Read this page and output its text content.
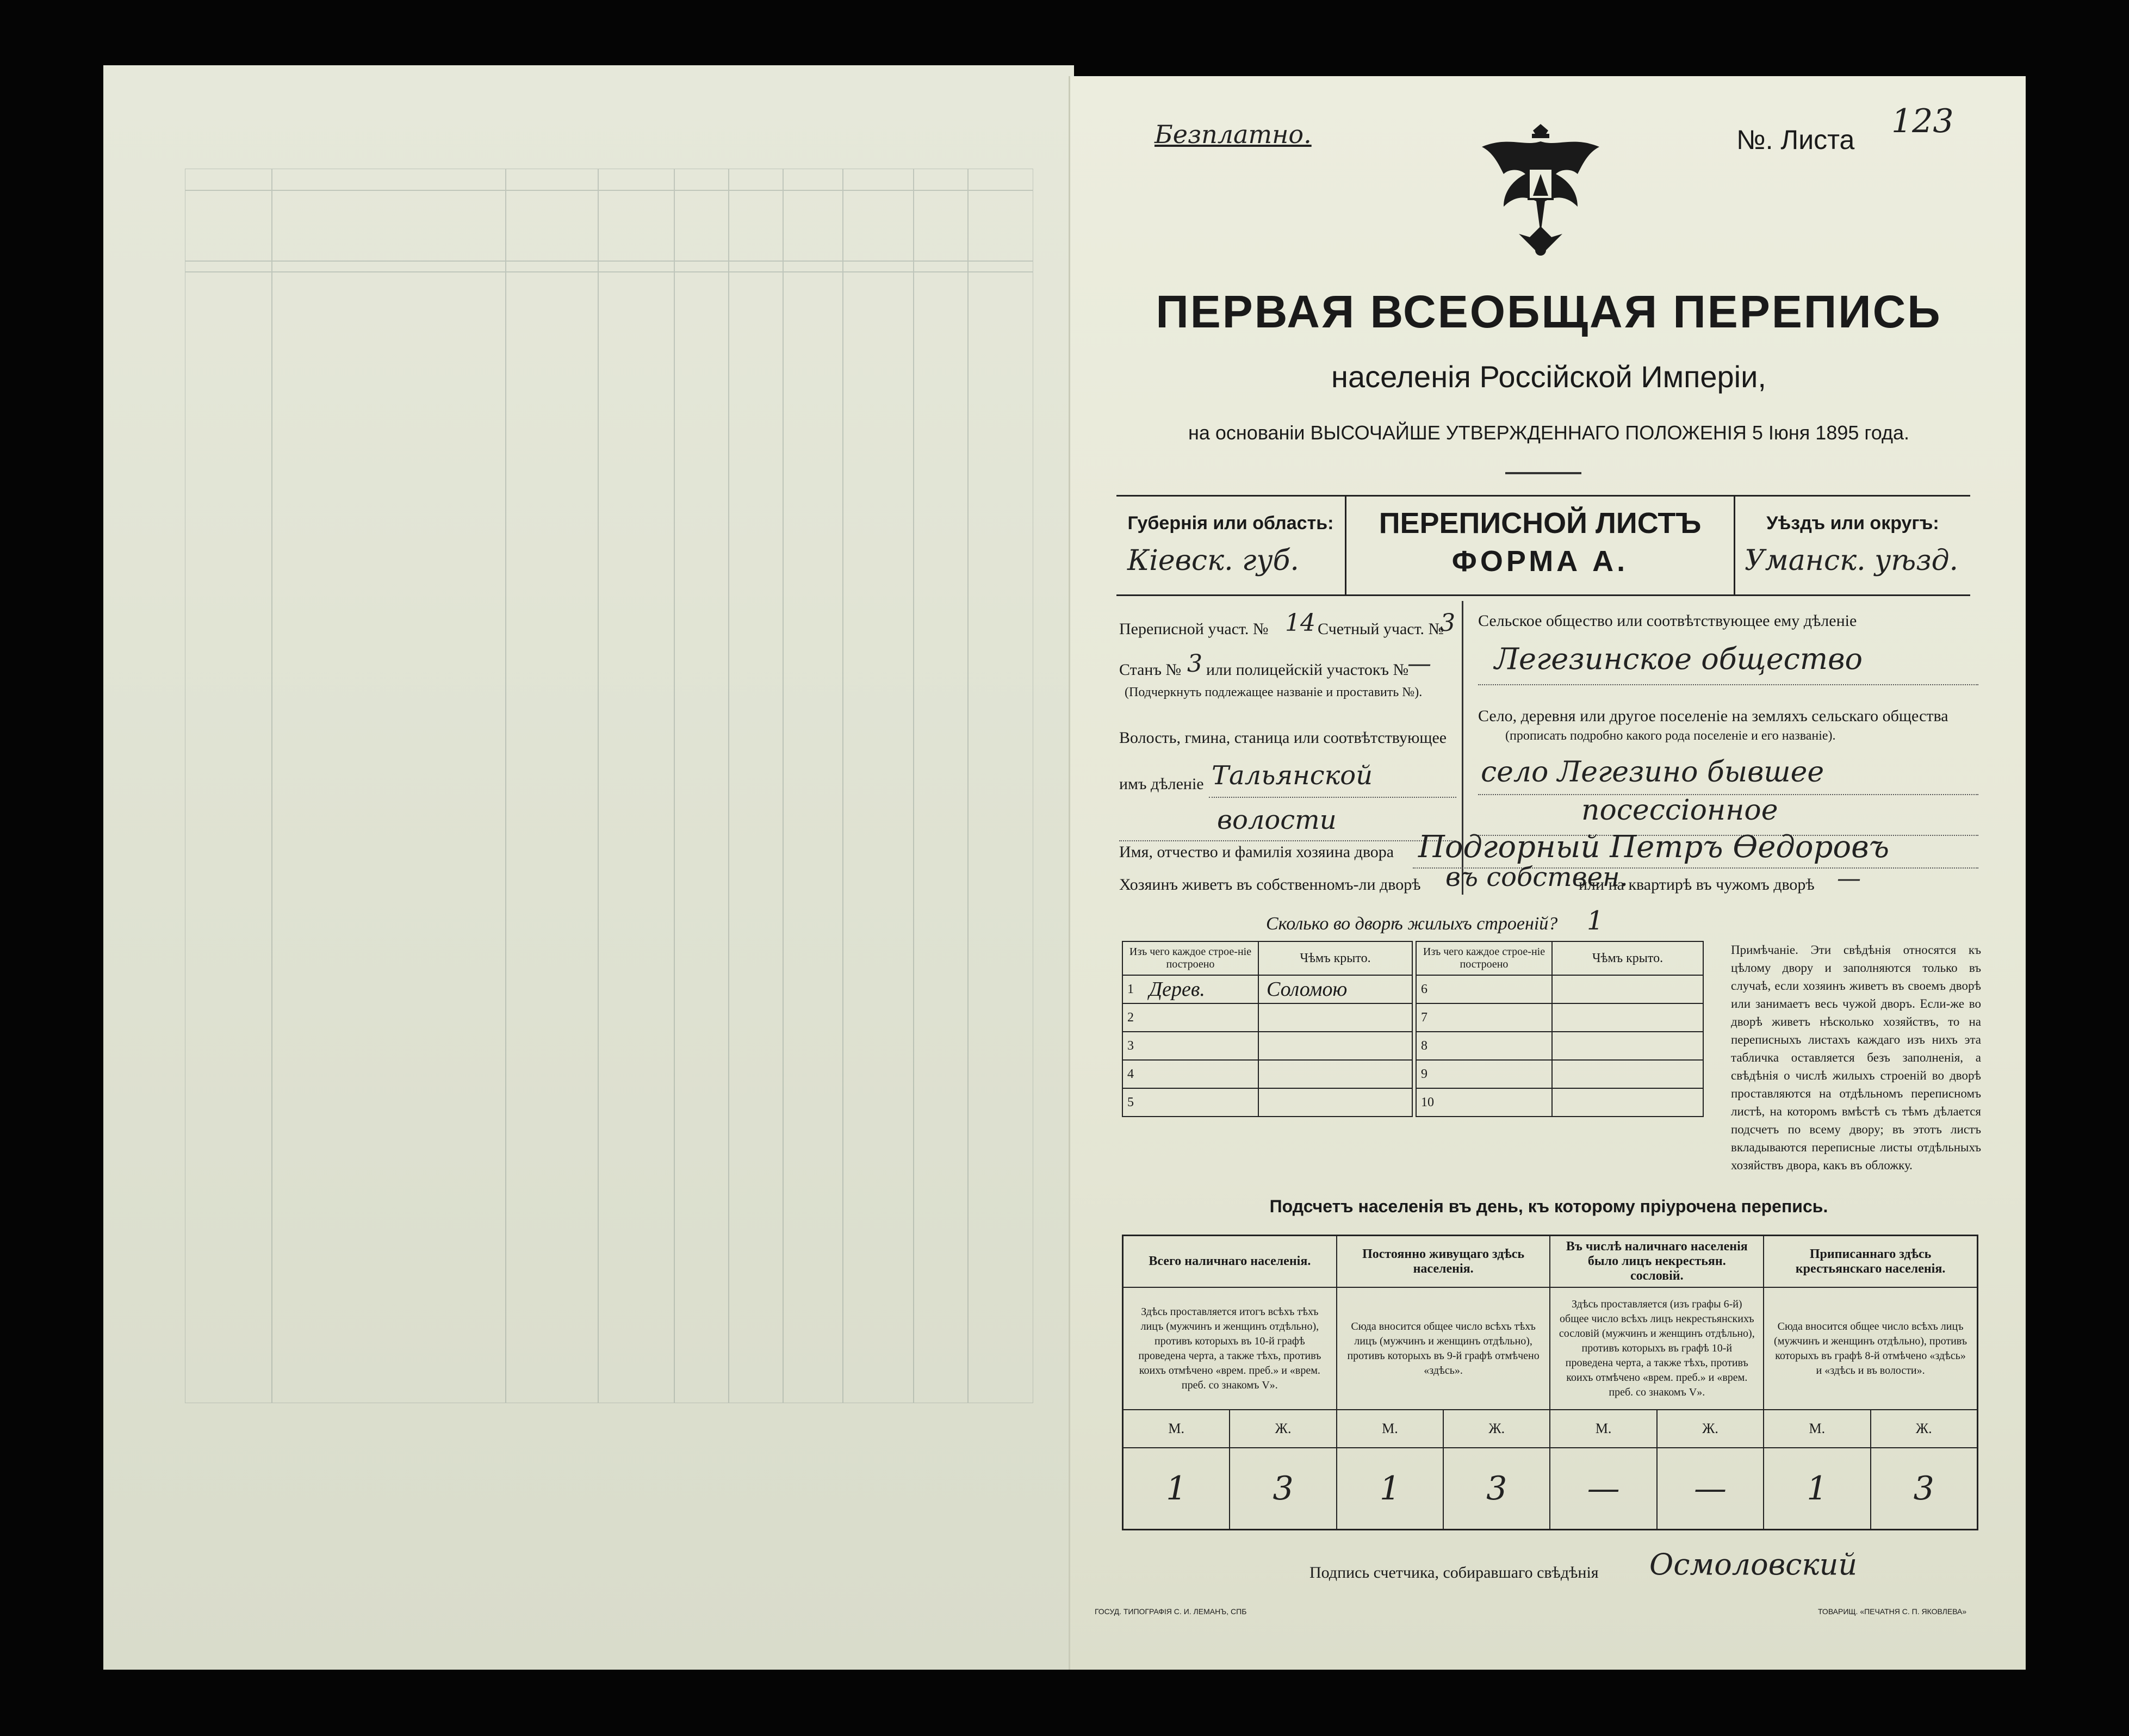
Безплатно.	№. Листа 123
ПЕРВАЯ ВСЕОБЩАЯ ПЕРЕПИСЬ
населенія Россійской Имперіи,
на основаніи ВЫСОЧАЙШЕ УТВЕРЖДЕННАГО ПОЛОЖЕНІЯ 5 Іюня 1895 года.
Губернія или область:
Кіевск. губ.
ПЕРЕПИСНОЙ ЛИСТЪ
ФОРМА А.
Уѣздъ или округъ:
Уманск. уѣзд.
Переписной участ. № 14 Счетный участ. №
3
Станъ № 3 или полицейскій участокъ №
—
(Подчеркнуть подлежащее названіе и проставить №).
Волость, гмина, станица или соотвѣтствующее
имъ дѣленіе Тальянской
волости
Сельское общество или соотвѣтствующее ему дѣленіе
Легезинское общество
Село, деревня или другое поселеніе на земляхъ сельскаго общества
(прописать подробно какого рода поселеніе и его названіе).
село Легезино бывшее
посессіонное
Имя, отчество и фамилія хозяина двора Подгорный Петръ Өедоровъ
Хозяинъ живетъ въ собственномъ-ли дворѣ въ собствен.
или на квартирѣ въ чужомъ дворѣ —
Сколько во дворѣ жилыхъ строеній? 1
Изъ чего каждое строе-ніе построено		Чѣмъ крыто.
1	Дерев.	Соломою
2		
3		
4		
5		
Изъ чего каждое строе-ніе построено		Чѣмъ крыто.
6		
7		
8		
9		
10		
Примѣчаніе. Эти свѣдѣнія относятся къ цѣлому двору и заполняются только въ случаѣ, если хозяинъ живетъ въ своемъ дворѣ или занимаетъ весь чужой дворъ. Если-же во дворѣ живетъ нѣсколько хозяйствъ, то на переписныхъ листахъ каждаго изъ нихъ эта табличка оставляется безъ заполненія, а свѣдѣнія о числѣ жилыхъ строеній во дворѣ проставляются на отдѣльномъ переписномъ листѣ, на которомъ вмѣстѣ съ тѣмъ дѣлается подсчетъ по всему двору; въ этотъ листъ вкладываются переписные листы отдѣльныхъ хозяйствъ двора, какъ въ обложку.
Подсчетъ населенія въ день, къ которому пріурочена перепись.
Всего наличнаго населенія.		Постоянно живущаго здѣсь населенія.		Въ числѣ наличнаго населенія было лицъ некрестьян. сословій.		Приписаннаго здѣсь крестьянскаго населенія.	
Здѣсь проставляется итогъ всѣхъ тѣхъ лицъ (мужчинъ и женщинъ отдѣльно), противъ которыхъ въ 10-й графѣ проведена черта, а также тѣхъ, противъ коихъ отмѣчено «врем. преб.» и «врем. преб. со знакомъ V».		Сюда вносится общее число всѣхъ тѣхъ лицъ (мужчинъ и женщинъ отдѣльно), противъ которыхъ въ 9-й графѣ отмѣчено «здѣсь».		Здѣсь проставляется (изъ графы 6-й) общее число всѣхъ лицъ некрестьянскихъ сословій (мужчинъ и женщинъ отдѣльно), противъ которыхъ въ графѣ 10-й проведена черта, а также тѣхъ, противъ коихъ отмѣчено «врем. преб.» и «врем. преб. со знакомъ V».		Сюда вносится общее число всѣхъ лицъ (мужчинъ и женщинъ отдѣльно), противъ которыхъ въ графѣ 8-й отмѣчено «здѣсь» и «здѣсь и въ волости».	
М.	Ж.	М.	Ж.	М.	Ж.	М.	Ж.
1	3	1	3	—	—	1	3
Подпись счетчика, собиравшаго свѣдѣнія Осмоловский
ГОСУД. ТИПОГРАФІЯ С. И. ЛЕМАНЪ, СПБ	ТОВАРИЩ. «ПЕЧАТНЯ С. П. ЯКОВЛЕВА»
